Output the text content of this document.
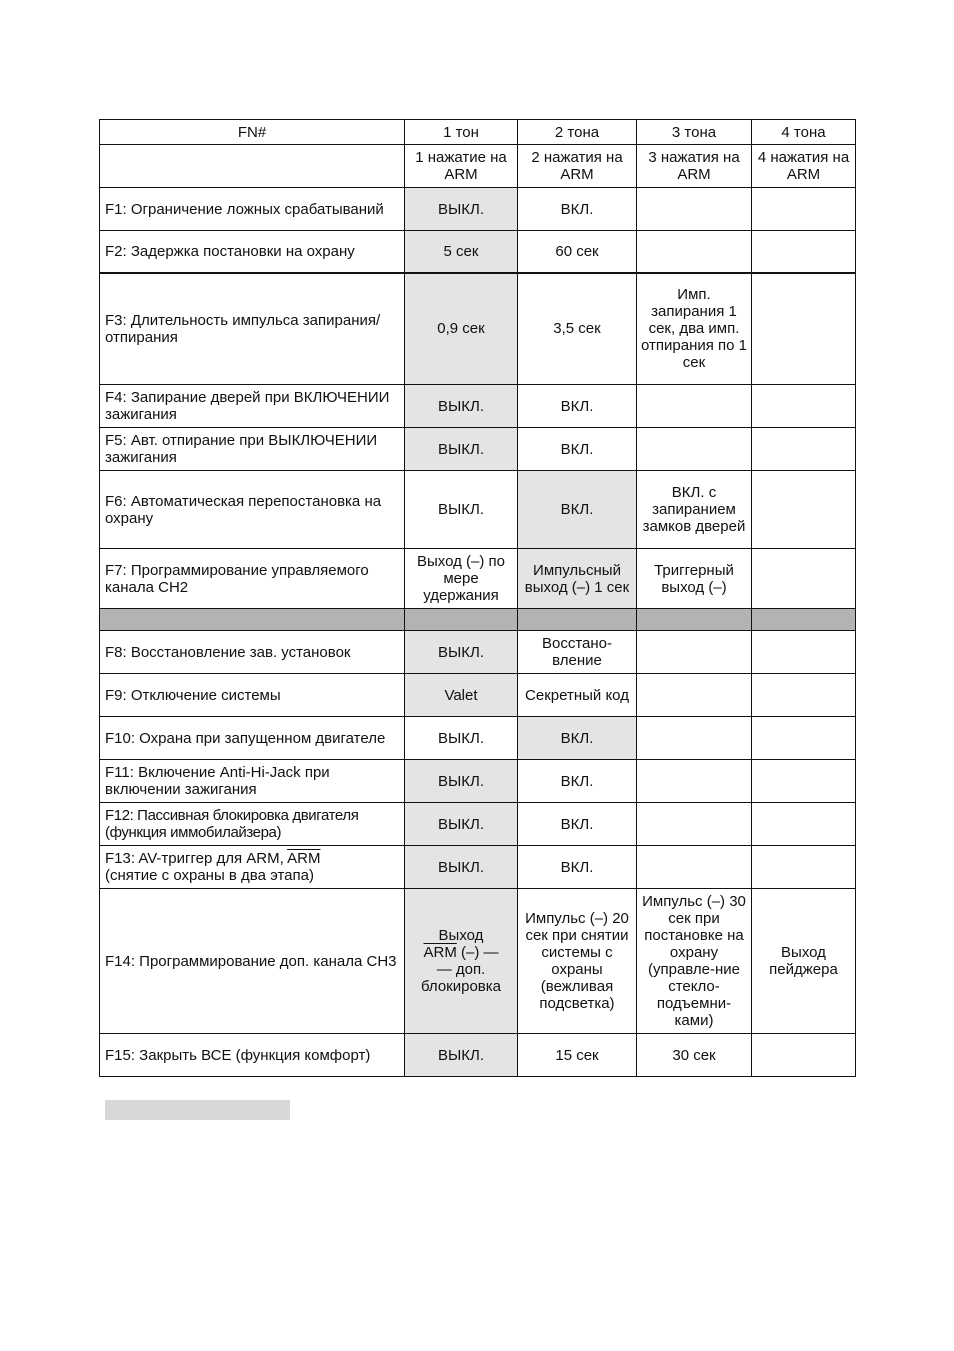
FN#	1 тон	2 тона	3 тона	4 тона
	1 нажатие на ARM	2 нажатия на ARM	3 нажатия на ARM	4 нажатия на ARM
F1: Ограничение ложных срабатываний	ВЫКЛ.	ВКЛ.		
F2: Задержка постановки на охрану	5 сек	60 сек		
F3: Длительность импульса запирания/отпирания	0,9 сек	3,5 сек	Имп. запирания 1 сек, два имп. отпирания по 1 сек	
F4: Запирание дверей при ВКЛЮЧЕНИИ зажигания	ВЫКЛ.	ВКЛ.		
F5: Авт. отпирание при ВЫКЛЮЧЕНИИ зажигания	ВЫКЛ.	ВКЛ.		
F6: Автоматическая перепостановка на охрану	ВЫКЛ.	ВКЛ.	ВКЛ. с запиранием замков дверей	
F7: Программирование управляемого канала CH2	Выход (–) по мере удержания	Импульсный выход (–) 1 сек	Триггерный выход (–)	

F8: Восстановление зав. установок	ВЫКЛ.	Восстано-вление		
F9: Отключение системы	Valet	Секретный код		
F10: Охрана при запущенном двигателе	ВЫКЛ.	ВКЛ.		
F11: Включение Anti-Hi-Jack при включении зажигания	ВЫКЛ.	ВКЛ.		
F12: Пассивная блокировка двигателя (функция иммобилайзера)	ВЫКЛ.	ВКЛ.		
F13: AV-триггер для ARM, $\overline{ARM}$
(снятие с охраны в два этапа)	ВЫКЛ.	ВКЛ.		
F14: Программирование доп. канала CH3	Выход
$\overline{ARM}$ (–) —
— доп. блокировка	Импульс (–) 20 сек при снятии системы с охраны (вежливая подсветка)	Импульс (–) 30 сек при постановке на охрану (управле-ние стекло-подъемни-ками)	Выход пейджера
F15: Закрыть ВСЕ (функция комфорт)	ВЫКЛ.	15 сек	30 сек	
